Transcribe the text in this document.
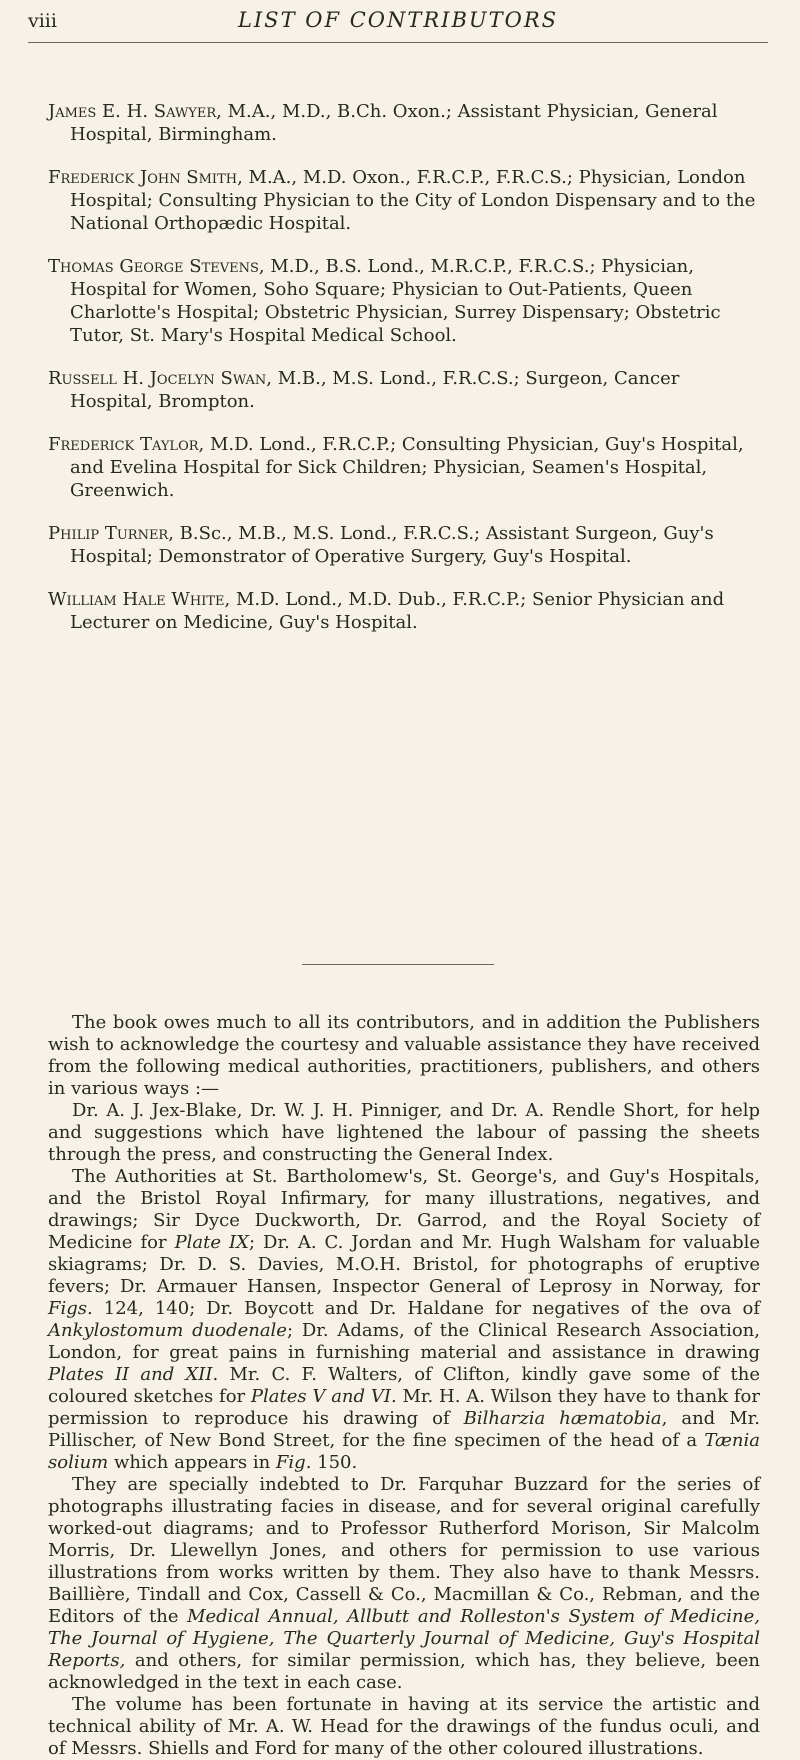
viii	LIST OF CONTRIBUTORS

James E. H. Sawyer, M.A., M.D., B.Ch. Oxon.; Assistant Physician, General Hospital, Birmingham.

Frederick John Smith, M.A., M.D. Oxon., F.R.C.P., F.R.C.S.; Physician, London Hospital; Consulting Physician to the City of London Dispensary and to the National Orthopædic Hospital.

Thomas George Stevens, M.D., B.S. Lond., M.R.C.P., F.R.C.S.; Physician, Hospital for Women, Soho Square; Physician to Out-Patients, Queen Charlotte's Hospital; Obstetric Physician, Surrey Dispensary; Obstetric Tutor, St. Mary's Hospital Medical School.

Russell H. Jocelyn Swan, M.B., M.S. Lond., F.R.C.S.; Surgeon, Cancer Hospital, Brompton.

Frederick Taylor, M.D. Lond., F.R.C.P.; Consulting Physician, Guy's Hospital, and Evelina Hospital for Sick Children; Physician, Seamen's Hospital, Greenwich.

Philip Turner, B.Sc., M.B., M.S. Lond., F.R.C.S.; Assistant Surgeon, Guy's Hospital; Demonstrator of Operative Surgery, Guy's Hospital.

William Hale White, M.D. Lond., M.D. Dub., F.R.C.P.; Senior Physician and Lecturer on Medicine, Guy's Hospital.

The book owes much to all its contributors, and in addition the Publishers wish to acknowledge the courtesy and valuable assistance they have received from the following medical authorities, practitioners, publishers, and others in various ways :—

Dr. A. J. Jex-Blake, Dr. W. J. H. Pinniger, and Dr. A. Rendle Short, for help and suggestions which have lightened the labour of passing the sheets through the press, and constructing the General Index.

The Authorities at St. Bartholomew's, St. George's, and Guy's Hospitals, and the Bristol Royal Infirmary, for many illustrations, negatives, and drawings; Sir Dyce Duckworth, Dr. Garrod, and the Royal Society of Medicine for Plate IX; Dr. A. C. Jordan and Mr. Hugh Walsham for valuable skiagrams; Dr. D. S. Davies, M.O.H. Bristol, for photographs of eruptive fevers; Dr. Armauer Hansen, Inspector General of Leprosy in Norway, for Figs. 124, 140; Dr. Boycott and Dr. Haldane for negatives of the ova of Ankylostomum duodenale; Dr. Adams, of the Clinical Research Association, London, for great pains in furnishing material and assistance in drawing Plates II and XII. Mr. C. F. Walters, of Clifton, kindly gave some of the coloured sketches for Plates V and VI. Mr. H. A. Wilson they have to thank for permission to reproduce his drawing of Bilharzia hæmatobia, and Mr. Pillischer, of New Bond Street, for the fine specimen of the head of a Tænia solium which appears in Fig. 150.

They are specially indebted to Dr. Farquhar Buzzard for the series of photographs illustrating facies in disease, and for several original carefully worked-out diagrams; and to Professor Rutherford Morison, Sir Malcolm Morris, Dr. Llewellyn Jones, and others for permission to use various illustrations from works written by them. They also have to thank Messrs. Baillière, Tindall and Cox, Cassell & Co., Macmillan & Co., Rebman, and the Editors of the Medical Annual, Allbutt and Rolleston's System of Medicine, The Journal of Hygiene, The Quarterly Journal of Medicine, Guy's Hospital Reports, and others, for similar permission, which has, they believe, been acknowledged in the text in each case.

The volume has been fortunate in having at its service the artistic and technical ability of Mr. A. W. Head for the drawings of the fundus oculi, and of Messrs. Shiells and Ford for many of the other coloured illustrations.
